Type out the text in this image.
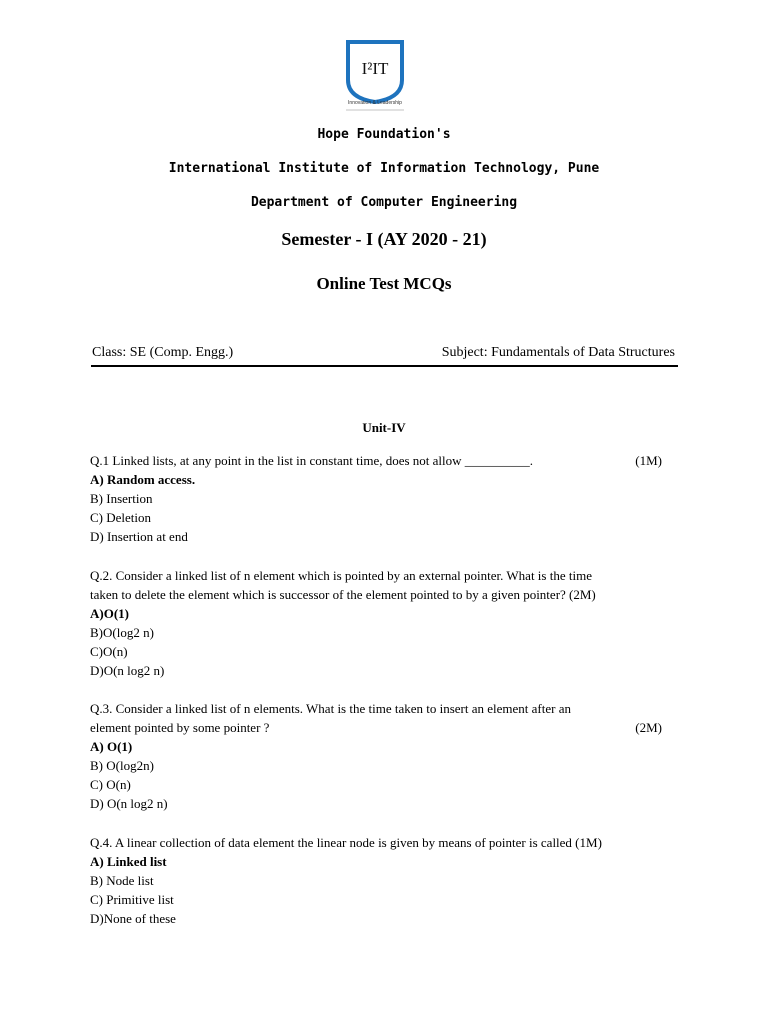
I²IT
Innovation & Leadership
Hope Foundation's
International Institute of Information Technology, Pune
Department of Computer Engineering
Semester - I (AY 2020 - 21)
Online Test MCQs
Class: SE (Comp. Engg.)	Subject: Fundamentals of Data Structures
Unit-IV
Q.1 Linked lists, at any point in the list in constant time, does not allow __________.	(1M)
A) Random access.
B) Insertion
C) Deletion
D) Insertion at end
Q.2. Consider a linked list of n element which is pointed by an external pointer. What is the time
taken to delete the element which is successor of the element pointed to by a given pointer? (2M)
A)O(1)
B)O(log2 n)
C)O(n)
D)O(n log2 n)
Q.3. Consider a linked list of n elements. What is the time taken to insert an element after an
element pointed by some pointer ?	(2M)
A) O(1)
B) O(log2n)
C) O(n)
D) O(n log2 n)
Q.4. A linear collection of data element the linear node is given by means of pointer is called (1M)
A) Linked list
B) Node list
C) Primitive list
D)None of these
